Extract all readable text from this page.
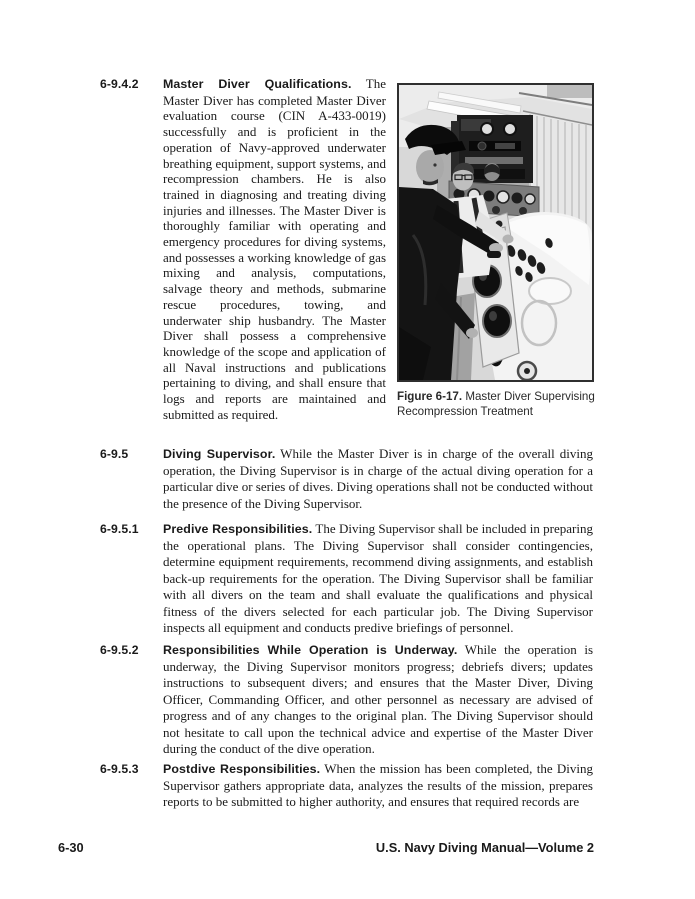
6-9.4.2	Master Diver Qualifications. The Master Diver has completed Master Diver evaluation course (CIN A-433-0019) successfully and is proficient in the operation of Navy-approved underwater breathing equipment, support systems, and recompression chambers. He is also trained in diagnosing and treating diving injuries and illnesses. The Master Diver is thoroughly familiar with operating and emergency procedures for diving systems, and possesses a working knowledge of gas mixing and analysis, computations, salvage theory and methods, submarine rescue procedures, towing, and underwater ship husbandry. The Master Diver shall possess a comprehensive knowledge of the scope and application of all Naval instructions and publications pertaining to diving, and shall ensure that logs and reports are maintained and submitted as required.
Figure 6-17. Master Diver Supervising Recompression Treatment
6-9.5	Diving Supervisor. While the Master Diver is in charge of the overall diving operation, the Diving Supervisor is in charge of the actual diving operation for a particular dive or series of dives. Diving operations shall not be conducted without the presence of the Diving Supervisor.
6-9.5.1	Predive Responsibilities. The Diving Supervisor shall be included in preparing the operational plans. The Diving Supervisor shall consider contingencies, determine equipment requirements, recommend diving assignments, and establish back-up requirements for the operation. The Diving Supervisor shall be familiar with all divers on the team and shall evaluate the qualifications and physical fitness of the divers selected for each particular job. The Diving Supervisor inspects all equipment and conducts predive briefings of personnel.
6-9.5.2	Responsibilities While Operation is Underway. While the operation is underway, the Diving Supervisor monitors progress; debriefs divers; updates instructions to subsequent divers; and ensures that the Master Diver, Diving Officer, Commanding Officer, and other personnel as necessary are advised of progress and of any changes to the original plan. The Diving Supervisor should not hesitate to call upon the technical advice and expertise of the Master Diver during the conduct of the dive operation.
6-9.5.3	Postdive Responsibilities. When the mission has been completed, the Diving Supervisor gathers appropriate data, analyzes the results of the mission, prepares reports to be submitted to higher authority, and ensures that required records are
6-30	U.S. Navy Diving Manual—Volume 2
